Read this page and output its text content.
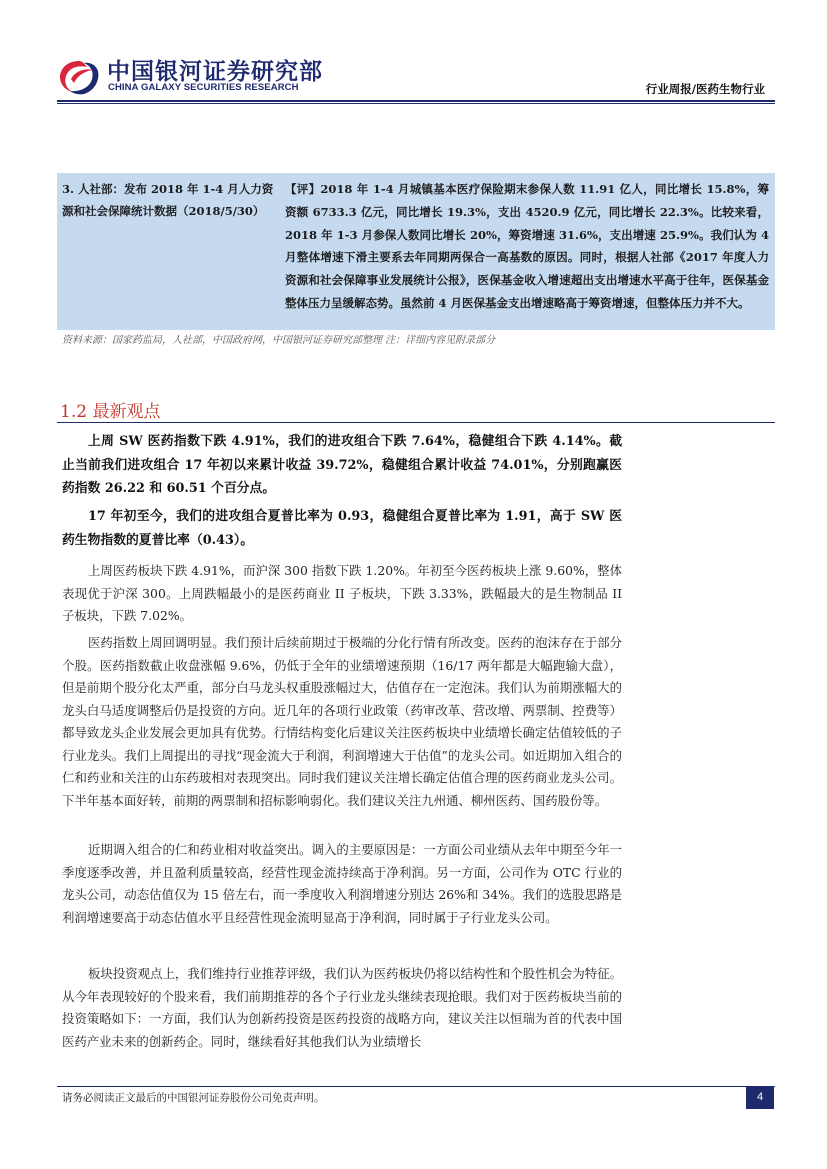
中国银河证券研究部
CHINA GALAXY SECURITIES RESEARCH	行业周报/医药生物行业
3. 人社部：发布 2018 年 1-4 月人力资源和社会保障统计数据（2018/5/30）
【评】2018 年 1-4 月城镇基本医疗保险期末参保人数 11.91 亿人，同比增长 15.8%，筹资额 6733.3 亿元，同比增长 19.3%，支出 4520.9 亿元，同比增长 22.3%。比较来看，2018 年 1-3 月参保人数同比增长 20%，筹资增速 31.6%，支出增速 25.9%。我们认为 4 月整体增速下滑主要系去年同期两保合一高基数的原因。同时，根据人社部《2017 年度人力资源和社会保障事业发展统计公报》，医保基金收入增速超出支出增速水平高于往年，医保基金整体压力呈缓解态势。虽然前 4 月医保基金支出增速略高于筹资增速，但整体压力并不大。
资料来源：国家药监局，人社部，中国政府网，中国银河证券研究部整理 注：详细内容见附录部分
1.2 最新观点
上周 SW 医药指数下跌 4.91%，我们的进攻组合下跌 7.64%，稳健组合下跌 4.14%。截止当前我们进攻组合 17 年初以来累计收益 39.72%，稳健组合累计收益 74.01%，分别跑赢医药指数 26.22 和 60.51 个百分点。
17 年初至今，我们的进攻组合夏普比率为 0.93，稳健组合夏普比率为 1.91，高于 SW 医药生物指数的夏普比率（0.43）。
上周医药板块下跌 4.91%，而沪深 300 指数下跌 1.20%。年初至今医药板块上涨 9.60%，整体表现优于沪深 300。上周跌幅最小的是医药商业 II 子板块，下跌 3.33%，跌幅最大的是生物制品 II 子板块，下跌 7.02%。
医药指数上周回调明显。我们预计后续前期过于极端的分化行情有所改变。医药的泡沫存在于部分个股。医药指数截止收盘涨幅 9.6%，仍低于全年的业绩增速预期（16/17 两年都是大幅跑输大盘），但是前期个股分化太严重，部分白马龙头权重股涨幅过大，估值存在一定泡沫。我们认为前期涨幅大的龙头白马适度调整后仍是投资的方向。近几年的各项行业政策（药审改革、营改增、两票制、控费等）都导致龙头企业发展会更加具有优势。行情结构变化后建议关注医药板块中业绩增长确定估值较低的子行业龙头。我们上周提出的寻找“现金流大于利润，利润增速大于估值”的龙头公司。如近期加入组合的仁和药业和关注的山东药玻相对表现突出。同时我们建议关注增长确定估值合理的医药商业龙头公司。下半年基本面好转，前期的两票制和招标影响弱化。我们建议关注九州通、柳州医药、国药股份等。
近期调入组合的仁和药业相对收益突出。调入的主要原因是：一方面公司业绩从去年中期至今年一季度逐季改善，并且盈利质量较高，经营性现金流持续高于净利润。另一方面，公司作为 OTC 行业的龙头公司，动态估值仅为 15 倍左右，而一季度收入利润增速分别达 26%和 34%。我们的选股思路是利润增速要高于动态估值水平且经营性现金流明显高于净利润，同时属于子行业龙头公司。
板块投资观点上，我们维持行业推荐评级，我们认为医药板块仍将以结构性和个股性机会为特征。从今年表现较好的个股来看，我们前期推荐的各个子行业龙头继续表现抢眼。我们对于医药板块当前的投资策略如下：一方面，我们认为创新药投资是医药投资的战略方向，建议关注以恒瑞为首的代表中国医药产业未来的创新药企。同时，继续看好其他我们认为业绩增长
请务必阅读正文最后的中国银河证券股份公司免责声明。	4
